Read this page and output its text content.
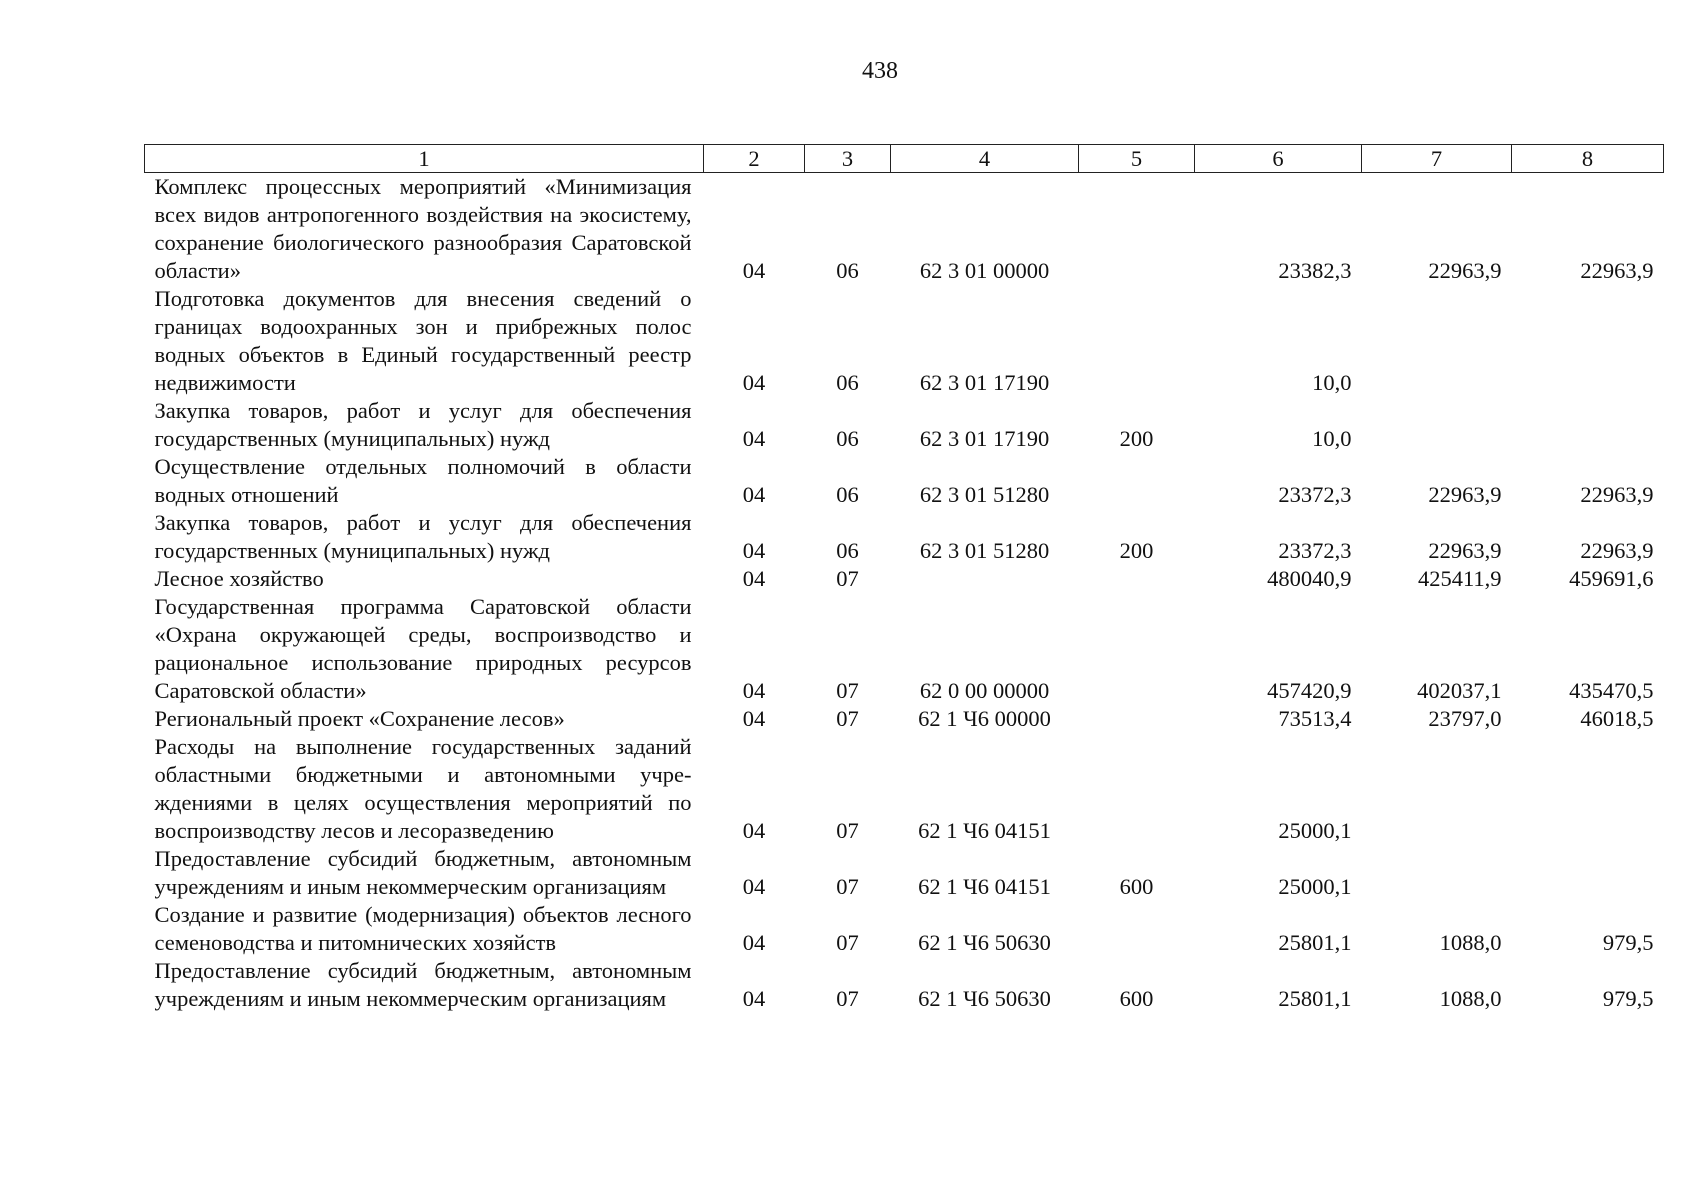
438
1	2	3	4	5	6	7	8
Комплекс процессных мероприятий «Минимизация всех видов антропогенного воздействия на экосистему, сохранение биологического разнообразия Саратовской области»	04	06	62 3 01 00000		23382,3	22963,9	22963,9
Подготовка документов для внесения сведений о границах водоохранных зон и прибрежных полос водных объектов в Единый государственный реестр недвижимости	04	06	62 3 01 17190		10,0		
Закупка товаров, работ и услуг для обеспечения государственных (муниципальных) нужд	04	06	62 3 01 17190	200	10,0		
Осуществление отдельных полномочий в области водных отношений	04	06	62 3 01 51280		23372,3	22963,9	22963,9
Закупка товаров, работ и услуг для обеспечения государственных (муниципальных) нужд	04	06	62 3 01 51280	200	23372,3	22963,9	22963,9
Лесное хозяйство	04	07			480040,9	425411,9	459691,6
Государственная программа Саратовской области «Охрана окружающей среды, воспроизводство и рациональное использование природных ресурсов Саратовской области»	04	07	62 0 00 00000		457420,9	402037,1	435470,5
Региональный проект «Сохранение лесов»	04	07	62 1 Ч6 00000		73513,4	23797,0	46018,5
Расходы на выполнение государственных заданий областными бюджетными и автономными учреждениями в целях осуществления мероприятий по воспроизводству лесов и лесоразведению	04	07	62 1 Ч6 04151		25000,1		
Предоставление субсидий бюджетным, автономным учреждениям и иным некоммерческим организациям	04	07	62 1 Ч6 04151	600	25000,1		
Создание и развитие (модернизация) объектов лесного семеноводства и питомнических хозяйств	04	07	62 1 Ч6 50630		25801,1	1088,0	979,5
Предоставление субсидий бюджетным, автономным учреждениям и иным некоммерческим организациям	04	07	62 1 Ч6 50630	600	25801,1	1088,0	979,5
